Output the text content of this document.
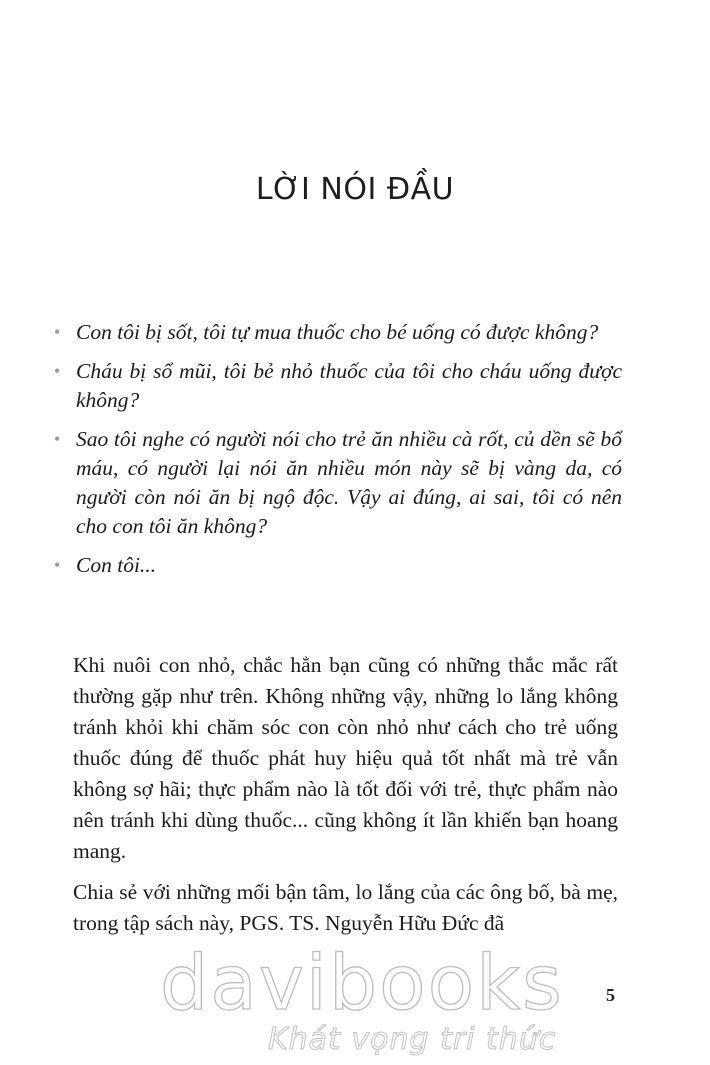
LỜI NÓI ĐẦU
• Con tôi bị sốt, tôi tự mua thuốc cho bé uống có được không?
• Cháu bị sổ mũi, tôi bẻ nhỏ thuốc của tôi cho cháu uống được không?
• Sao tôi nghe có người nói cho trẻ ăn nhiều cà rốt, củ dền sẽ bổ máu, có người lại nói ăn nhiều món này sẽ bị vàng da, có người còn nói ăn bị ngộ độc. Vậy ai đúng, ai sai, tôi có nên cho con tôi ăn không?
• Con tôi...

Khi nuôi con nhỏ, chắc hẳn bạn cũng có những thắc mắc rất thường gặp như trên. Không những vậy, những lo lắng không tránh khỏi khi chăm sóc con còn nhỏ như cách cho trẻ uống thuốc đúng để thuốc phát huy hiệu quả tốt nhất mà trẻ vẫn không sợ hãi; thực phẩm nào là tốt đối với trẻ, thực phẩm nào nên tránh khi dùng thuốc... cũng không ít lần khiến bạn hoang mang.

Chia sẻ với những mối bận tâm, lo lắng của các ông bố, bà mẹ, trong tập sách này, PGS. TS. Nguyễn Hữu Đức đã

5
davibooks
Khát vọng tri thức
